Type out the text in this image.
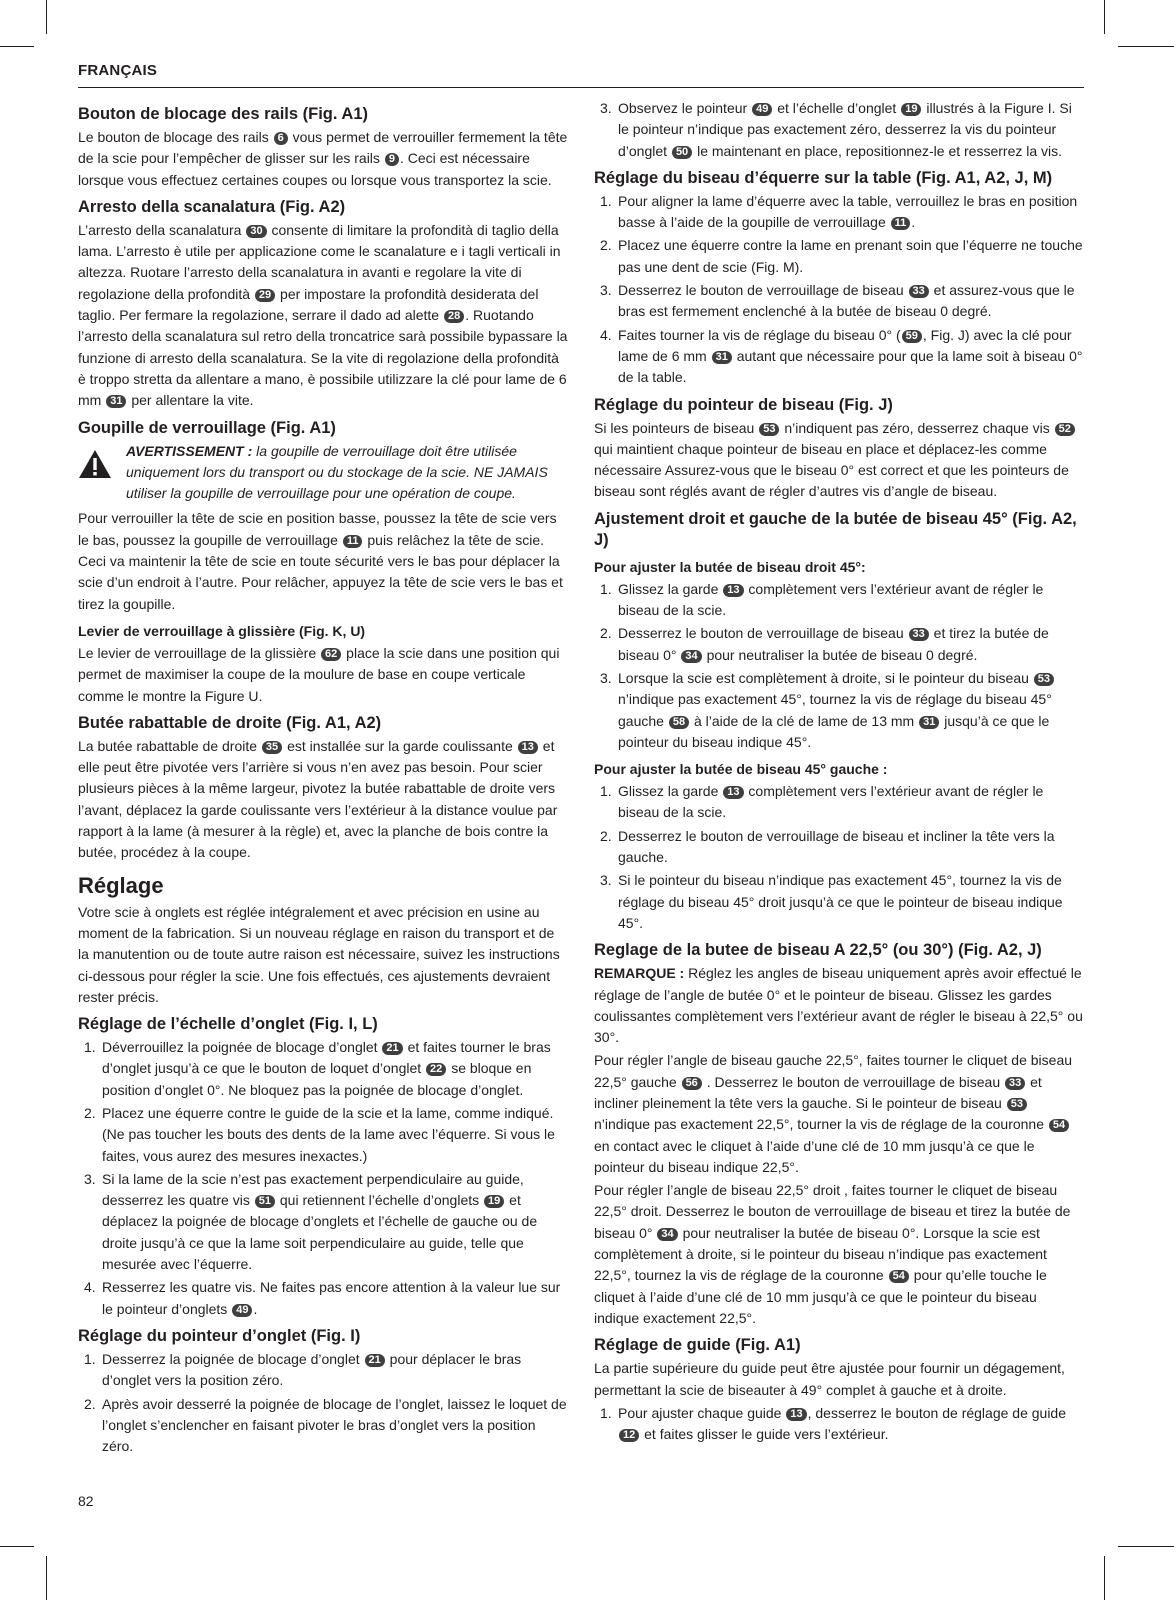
FRANÇAIS
Bouton de blocage des rails (Fig. A1)

Le bouton de blocage des rails 6 vous permet de verrouiller fermement la tête de la scie pour l’empêcher de glisser sur les rails 9 . Ceci est nécessaire lorsque vous effectuez certaines coupes ou lorsque vous transportez la scie.

Arresto della scanalatura (Fig. A2)

L’arresto della scanalatura 30 consente di limitare la profondità di taglio della lama. L’arresto è utile per applicazione come le scanalature e i tagli verticali in altezza. Ruotare l’arresto della scanalatura in avanti e regolare la vite di regolazione della profondità 29 per impostare la profondità desiderata del taglio. Per fermare la regolazione, serrare il dado ad alette 28 . Ruotando l’arresto della scanalatura sul retro della troncatrice sarà possibile bypassare la funzione di arresto della scanalatura. Se la vite di regolazione della profondità è troppo stretta da allentare a mano, è possibile utilizzare la clé pour lame de 6 mm 31 per allentare la vite.

Goupille de verrouillage (Fig. A1)
AVERTISSEMENT : la goupille de verrouillage doit être utilisée uniquement lors du transport ou du stockage de la scie. NE JAMAIS utiliser la goupille de verrouillage pour une opération de coupe.

Pour verrouiller la tête de scie en position basse, poussez la tête de scie vers le bas, poussez la goupille de verrouillage 11 puis relâchez la tête de scie. Ceci va maintenir la tête de scie en toute sécurité vers le bas pour déplacer la scie d’un endroit à l’autre. Pour relâcher, appuyez la tête de scie vers le bas et tirez la goupille.

Levier de verrouillage à glissière (Fig. K, U)

Le levier de verrouillage de la glissière 62 place la scie dans une position qui permet de maximiser la coupe de la moulure de base en coupe verticale comme le montre la Figure U.

Butée rabattable de droite (Fig. A1, A2)

La butée rabattable de droite 35 est installée sur la garde coulissante 13 et elle peut être pivotée vers l’arrière si vous n’en avez pas besoin. Pour scier plusieurs pièces à la même largeur, pivotez la butée rabattable de droite vers l’avant, déplacez la garde coulissante vers l’extérieur à la distance voulue par rapport à la lame (à mesurer à la règle) et, avec la planche de bois contre la butée, procédez à la coupe.

Réglage

Votre scie à onglets est réglée intégralement et avec précision en usine au moment de la fabrication. Si un nouveau réglage en raison du transport et de la manutention ou de toute autre raison est nécessaire, suivez les instructions ci-dessous pour régler la scie. Une fois effectués, ces ajustements devraient rester précis.

Réglage de l’échelle d’onglet (Fig. I, L)
1. Déverrouillez la poignée de blocage d’onglet 21 et faites tourner le bras d’onglet jusqu’à ce que le bouton de loquet d’onglet 22 se bloque en position d’onglet 0°. Ne bloquez pas la poignée de blocage d’onglet.
2. Placez une équerre contre le guide de la scie et la lame, comme indiqué. (Ne pas toucher les bouts des dents de la lame avec l’équerre. Si vous le faites, vous aurez des mesures inexactes.)
3. Si la lame de la scie n’est pas exactement perpendiculaire au guide, desserrez les quatre vis 51 qui retiennent l’échelle d’onglets 19 et déplacez la poignée de blocage d’onglets et l’échelle de gauche ou de droite jusqu’à ce que la lame soit perpendiculaire au guide, telle que mesurée avec l’équerre.
4. Resserrez les quatre vis. Ne faites pas encore attention à la valeur lue sur le pointeur d’onglets 49 .
Réglage du pointeur d’onglet (Fig. I)
1. Desserrez la poignée de blocage d’onglet 21 pour déplacer le bras d’onglet vers la position zéro.
2. Après avoir desserré la poignée de blocage de l’onglet, laissez le loquet de l’onglet s’enclencher en faisant pivoter le bras d’onglet vers la position zéro.
3. Observez le pointeur 49 et l’échelle d’onglet 19 illustrés à la Figure I. Si le pointeur n’indique pas exactement zéro, desserrez la vis du pointeur d’onglet 50 le maintenant en place, repositionnez-le et resserrez la vis.
Réglage du biseau d’équerre sur la table (Fig. A1, A2, J, M)
1. Pour aligner la lame d’équerre avec la table, verrouillez le bras en position basse à l’aide de la goupille de verrouillage 11 .
2. Placez une équerre contre la lame en prenant soin que l’équerre ne touche pas une dent de scie (Fig. M).
3. Desserrez le bouton de verrouillage de biseau 33 et assurez-vous que le bras est fermement enclenché à la butée de biseau 0 degré.
4. Faites tourner la vis de réglage du biseau 0° ( 59 , Fig. J) avec la clé pour lame de 6 mm 31 autant que nécessaire pour que la lame soit à biseau 0° de la table.
Réglage du pointeur de biseau (Fig. J)

Si les pointeurs de biseau 53 n’indiquent pas zéro, desserrez chaque vis 52 qui maintient chaque pointeur de biseau en place et déplacez-les comme nécessaire Assurez-vous que le biseau 0° est correct et que les pointeurs de biseau sont réglés avant de régler d’autres vis d’angle de biseau.

Ajustement droit et gauche de la butée de biseau 45° (Fig. A2, J)
Pour ajuster la butée de biseau droit 45°:
1. Glissez la garde 13 complètement vers l’extérieur avant de régler le biseau de la scie.
2. Desserrez le bouton de verrouillage de biseau 33 et tirez la butée de biseau 0° 34 pour neutraliser la butée de biseau 0 degré.
3. Lorsque la scie est complètement à droite, si le pointeur du biseau 53 n’indique pas exactement 45°, tournez la vis de réglage du biseau 45° gauche 58 à l’aide de la clé de lame de 13 mm 31 jusqu’à ce que le pointeur du biseau indique 45°.
Pour ajuster la butée de biseau 45° gauche :
1. Glissez la garde 13 complètement vers l’extérieur avant de régler le biseau de la scie.
2. Desserrez le bouton de verrouillage de biseau et incliner la tête vers la gauche.
3. Si le pointeur du biseau n’indique pas exactement 45°, tournez la vis de réglage du biseau 45° droit jusqu’à ce que le pointeur de biseau indique 45°.
Reglage de la butee de biseau A 22,5° (ou 30°) (Fig. A2, J)

REMARQUE : Réglez les angles de biseau uniquement après avoir effectué le réglage de l’angle de butée 0° et le pointeur de biseau. Glissez les gardes coulissantes complètement vers l’extérieur avant de régler le biseau à 22,5° ou 30°.

Pour régler l’angle de biseau gauche 22,5°, faites tourner le cliquet de biseau 22,5° gauche 56 . Desserrez le bouton de verrouillage de biseau 33 et incliner pleinement la tête vers la gauche. Si le pointeur de biseau 53 n’indique pas exactement 22,5°, tourner la vis de réglage de la couronne 54 en contact avec le cliquet à l’aide d’une clé de 10 mm jusqu’à ce que le pointeur du biseau indique 22,5°.

Pour régler l’angle de biseau 22,5° droit , faites tourner le cliquet de biseau 22,5° droit. Desserrez le bouton de verrouillage de biseau et tirez la butée de biseau 0° 34 pour neutraliser la butée de biseau 0°. Lorsque la scie est complètement à droite, si le pointeur du biseau n’indique pas exactement 22,5°, tournez la vis de réglage de la couronne 54 pour qu’elle touche le cliquet à l’aide d’une clé de 10 mm jusqu’à ce que le pointeur du biseau indique exactement 22,5°.

Réglage de guide (Fig. A1)

La partie supérieure du guide peut être ajustée pour fournir un dégagement, permettant la scie de biseauter à 49° complet à gauche et à droite.

1. Pour ajuster chaque guide 13 , desserrez le bouton de réglage de guide 12 et faites glisser le guide vers l’extérieur.
82
